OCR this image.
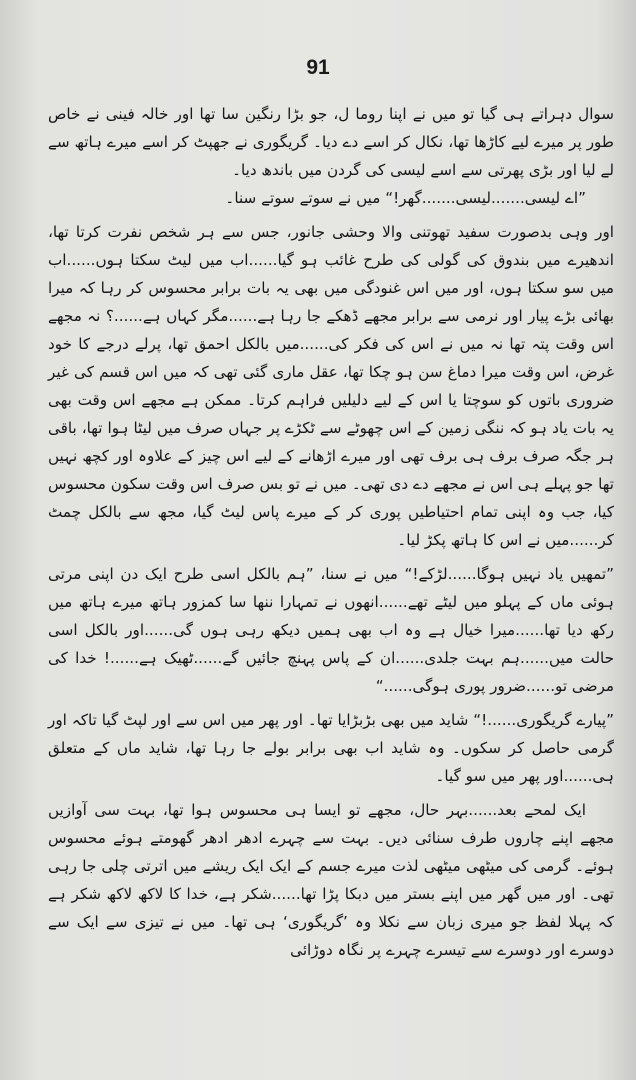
91

سوال دہراتے ہی گیا تو میں نے اپنا روما ل، جو بڑا رنگین سا تھا اور خالہ فینی نے خاص طور پر میرے لیے کاڑھا تھا، نکال کر اسے دے دیا۔ گریگوری نے جھپٹ کر اسے میرے ہاتھ سے لے لیا اور بڑی پھرتی سے اسے لیسی کی گردن میں باندھ دیا۔

”اے لیسی.......لیسی.......گھر!“ میں نے سوتے سوتے سنا۔

اور وہی بدصورت سفید تھوتنی والا وحشی جانور، جس سے ہر شخص نفرت کرتا تھا، اندھیرے میں بندوق کی گولی کی طرح غائب ہو گیا......اب میں لیٹ سکتا ہوں......اب میں سو سکتا ہوں، اور میں اس غنودگی میں بھی یہ بات برابر محسوس کر رہا کہ میرا بھائی بڑے پیار اور نرمی سے برابر مجھے ڈھکے جا رہا ہے......مگر کہاں ہے......؟ نہ مجھے اس وقت پتہ تھا نہ میں نے اس کی فکر کی......میں بالکل احمق تھا، پرلے درجے کا خود غرض، اس وقت میرا دماغ سن ہو چکا تھا، عقل ماری گئی تھی کہ میں اس قسم کی غیر ضروری باتوں کو سوچتا یا اس کے لیے دلیلیں فراہم کرتا۔ ممکن ہے مجھے اس وقت بھی یہ بات یاد ہو کہ ننگی زمین کے اس چھوٹے سے ٹکڑے پر جہاں صرف میں لیٹا ہوا تھا، باقی ہر جگہ صرف برف ہی برف تھی اور میرے اڑھانے کے لیے اس چیز کے علاوہ اور کچھ نہیں تھا جو پہلے ہی اس نے مجھے دے دی تھی۔ میں نے تو بس صرف اس وقت سکون محسوس کیا، جب وہ اپنی تمام احتیاطیں پوری کر کے میرے پاس لیٹ گیا، مجھ سے بالکل چمٹ کر......میں نے اس کا ہاتھ پکڑ لیا۔

”تمھیں یاد نہیں ہوگا......لڑکے!“ میں نے سنا، ”ہم بالکل اسی طرح ایک دن اپنی مرتی ہوئی ماں کے پہلو میں لیٹے تھے......انھوں نے تمہارا ننھا سا کمزور ہاتھ میرے ہاتھ میں رکھ دیا تھا......میرا خیال ہے وہ اب بھی ہمیں دیکھ رہی ہوں گی......اور بالکل اسی حالت میں......ہم بہت جلدی......ان کے پاس پہنچ جائیں گے......ٹھیک ہے......! خدا کی مرضی تو......ضرور پوری ہوگی......“

”پیارے گریگوری......!“ شاید میں بھی بڑبڑایا تھا۔ اور پھر میں اس سے اور لپٹ گیا تاکہ اور گرمی حاصل کر سکوں۔ وہ شاید اب بھی برابر بولے جا رہا تھا، شاید ماں کے متعلق ہی......اور پھر میں سو گیا۔

ایک لمحے بعد......بہر حال، مجھے تو ایسا ہی محسوس ہوا تھا، بہت سی آوازیں مجھے اپنے چاروں طرف سنائی دیں۔ بہت سے چہرے ادھر ادھر گھومتے ہوئے محسوس ہوئے۔ گرمی کی میٹھی میٹھی لذت میرے جسم کے ایک ایک ریشے میں اترتی چلی جا رہی تھی۔ اور میں گھر میں اپنے بستر میں دبکا پڑا تھا......شکر ہے، خدا کا لاکھ لاکھ شکر ہے کہ پہلا لفظ جو میری زبان سے نکلا وہ ’گریگوری‘ ہی تھا۔ میں نے تیزی سے ایک سے دوسرے اور دوسرے سے تیسرے چہرے پر نگاہ دوڑائی
